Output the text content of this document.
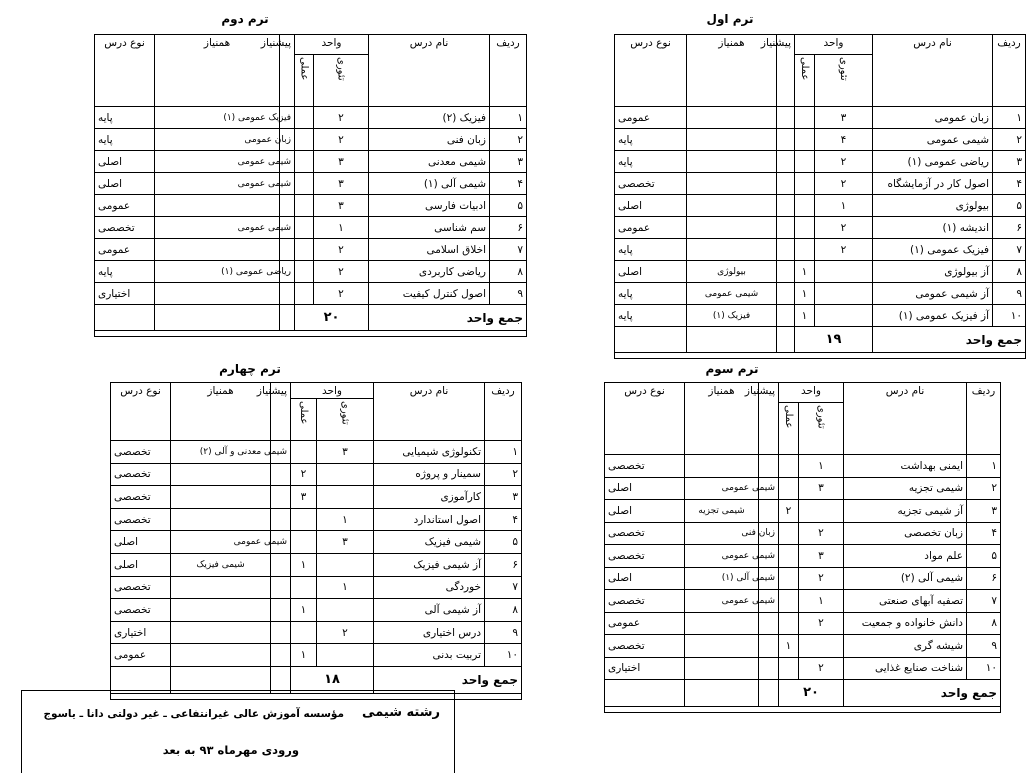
ترم اول
ردیف	نام درس	واحد		پیشنیاز	همنیاز	نوع درس
		تئوری	عملی			
۱	زبان عمومی	۳				عمومی
۲	شیمی عمومی	۴				پایه
۳	ریاضی عمومی (۱)	۲				پایه
۴	اصول کار در آزمایشگاه	۲				تخصصی
۵	بیولوژی	۱				اصلی
۶	اندیشه (۱)	۲				عمومی
۷	فیزیک عمومی (۱)	۲				پایه
۸	آز بیولوژی		۱		بیولوژی	اصلی
۹	آز شیمی عمومی		۱		شیمی عمومی	پایه
۱۰	آز فیزیک عمومی (۱)		۱		فیزیک (۱)	پایه
جمع واحد		۱۹				

ترم دوم
ردیف	نام درس	واحد		پیشنیاز	همنیاز	نوع درس
		تئوری	عملی			
۱	فیزیک (۲)	۲		فیزیک عمومی (۱)		پایه
۲	زبان فنی	۲		زبان عمومی		پایه
۳	شیمی معدنی	۳		شیمی عمومی		اصلی
۴	شیمی آلی (۱)	۳		شیمی عمومی		اصلی
۵	ادبیات فارسی	۳				عمومی
۶	سم شناسی	۱		شیمی عمومی		تخصصی
۷	اخلاق اسلامی	۲				عمومی
۸	ریاضی کاربردی	۲		ریاضی عمومی (۱)		پایه
۹	اصول کنترل کیفیت	۲				اختیاری
جمع واحد		۲۰				

ترم سوم
ردیف	نام درس	واحد		پیشنیاز	همنیاز	نوع درس
		تئوری	عملی			
۱	ایمنی بهداشت	۱				تخصصی
۲	شیمی تجزیه	۳		شیمی عمومی		اصلی
۳	آز شیمی تجزیه		۲		شیمی تجزیه	اصلی
۴	زبان تخصصی	۲		زبان فنی		تخصصی
۵	علم مواد	۳		شیمی عمومی		تخصصی
۶	شیمی آلی (۲)	۲		شیمی آلی (۱)		اصلی
۷	تصفیه آبهای صنعتی	۱		شیمی عمومی		تخصصی
۸	دانش خانواده و جمعیت	۲				عمومی
۹	شیشه گری		۱			تخصصی
۱۰	شناخت صنایع غذایی	۲				اختیاری
جمع واحد		۲۰				

ترم چهارم
ردیف	نام درس	واحد		پیشنیاز	همنیاز	نوع درس
		تئوری	عملی			
۱	تکنولوژی شیمیایی	۳		شیمی معدنی و آلی (۲)		تخصصی
۲	سمینار و پروژه		۲			تخصصی
۳	کارآموزی		۳			تخصصی
۴	اصول استاندارد	۱				تخصصی
۵	شیمی فیزیک	۳		شیمی عمومی		اصلی
۶	آز شیمی فیزیک		۱		شیمی فیزیک	اصلی
۷	خوردگی	۱				تخصصی
۸	آز شیمی آلی		۱			تخصصی
۹	درس اختیاری	۲				اختیاری
۱۰	تربیت بدنی		۱			عمومی
جمع واحد		۱۸				

رشته شیمی
مؤسسه آموزش عالی غیرانتفاعی ـ غیر دولتی دانا ـ یاسوج
ورودی مهرماه ۹۳ به بعد
